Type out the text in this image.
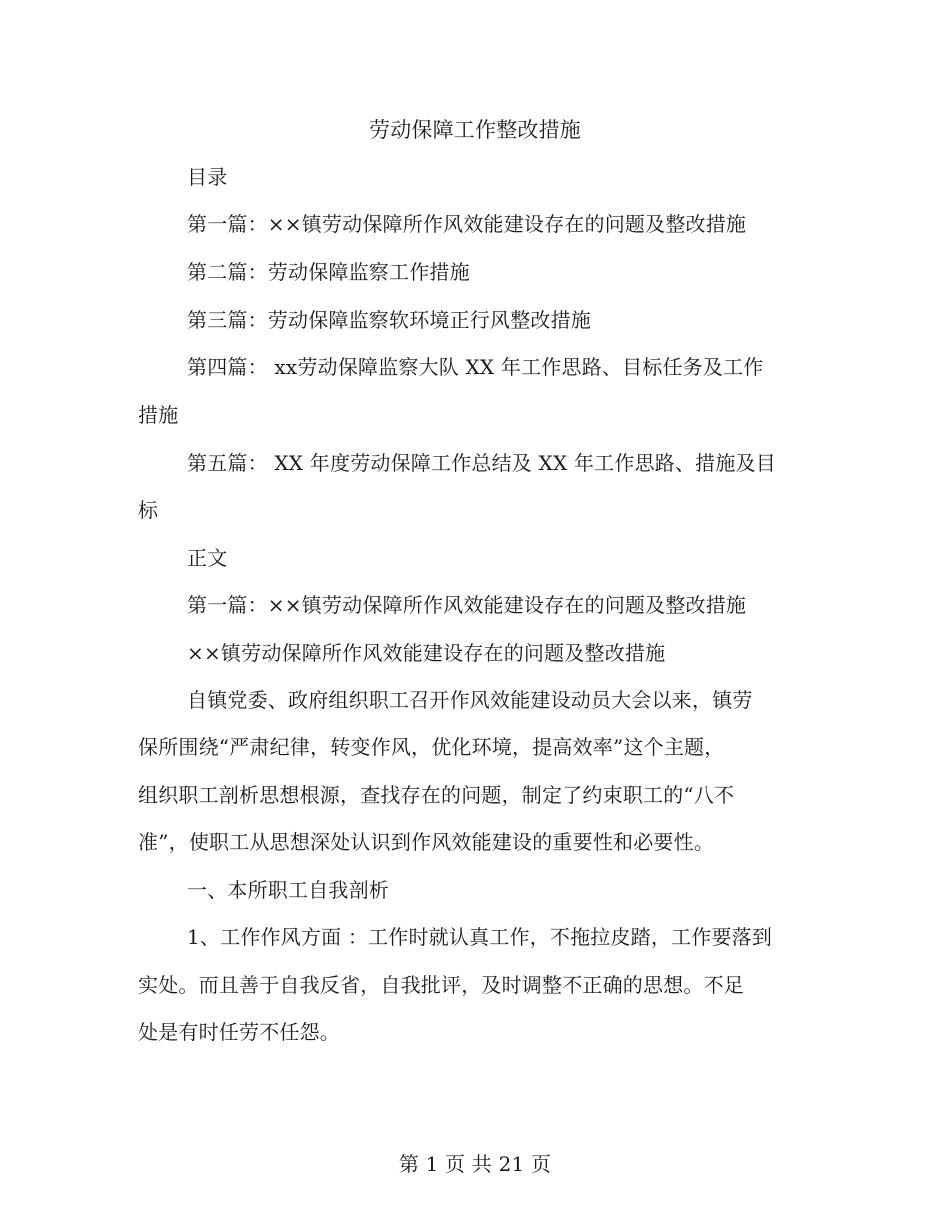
劳动保障工作整改措施
目录
第一篇：××镇劳动保障所作风效能建设存在的问题及整改措施
第二篇：劳动保障监察工作措施
第三篇：劳动保障监察软环境正行风整改措施
第四篇： xx劳动保障监察大队 XX 年工作思路、目标任务及工作
措施
第五篇： XX 年度劳动保障工作总结及 XX 年工作思路、措施及目
标
正文
第一篇：××镇劳动保障所作风效能建设存在的问题及整改措施
××镇劳动保障所作风效能建设存在的问题及整改措施
自镇党委、政府组织职工召开作风效能建设动员大会以来，镇劳
保所围绕“严肃纪律，转变作风，优化环境，提高效率”这个主题，
组织职工剖析思想根源，查找存在的问题，制定了约束职工的“八不
准”，使职工从思想深处认识到作风效能建设的重要性和必要性。
一、本所职工自我剖析
1、工作作风方面 ：工作时就认真工作，不拖拉皮踏，工作要落到
实处。而且善于自我反省，自我批评，及时调整不正确的思想。不足
处是有时任劳不任怨。
第 1 页 共 21 页
